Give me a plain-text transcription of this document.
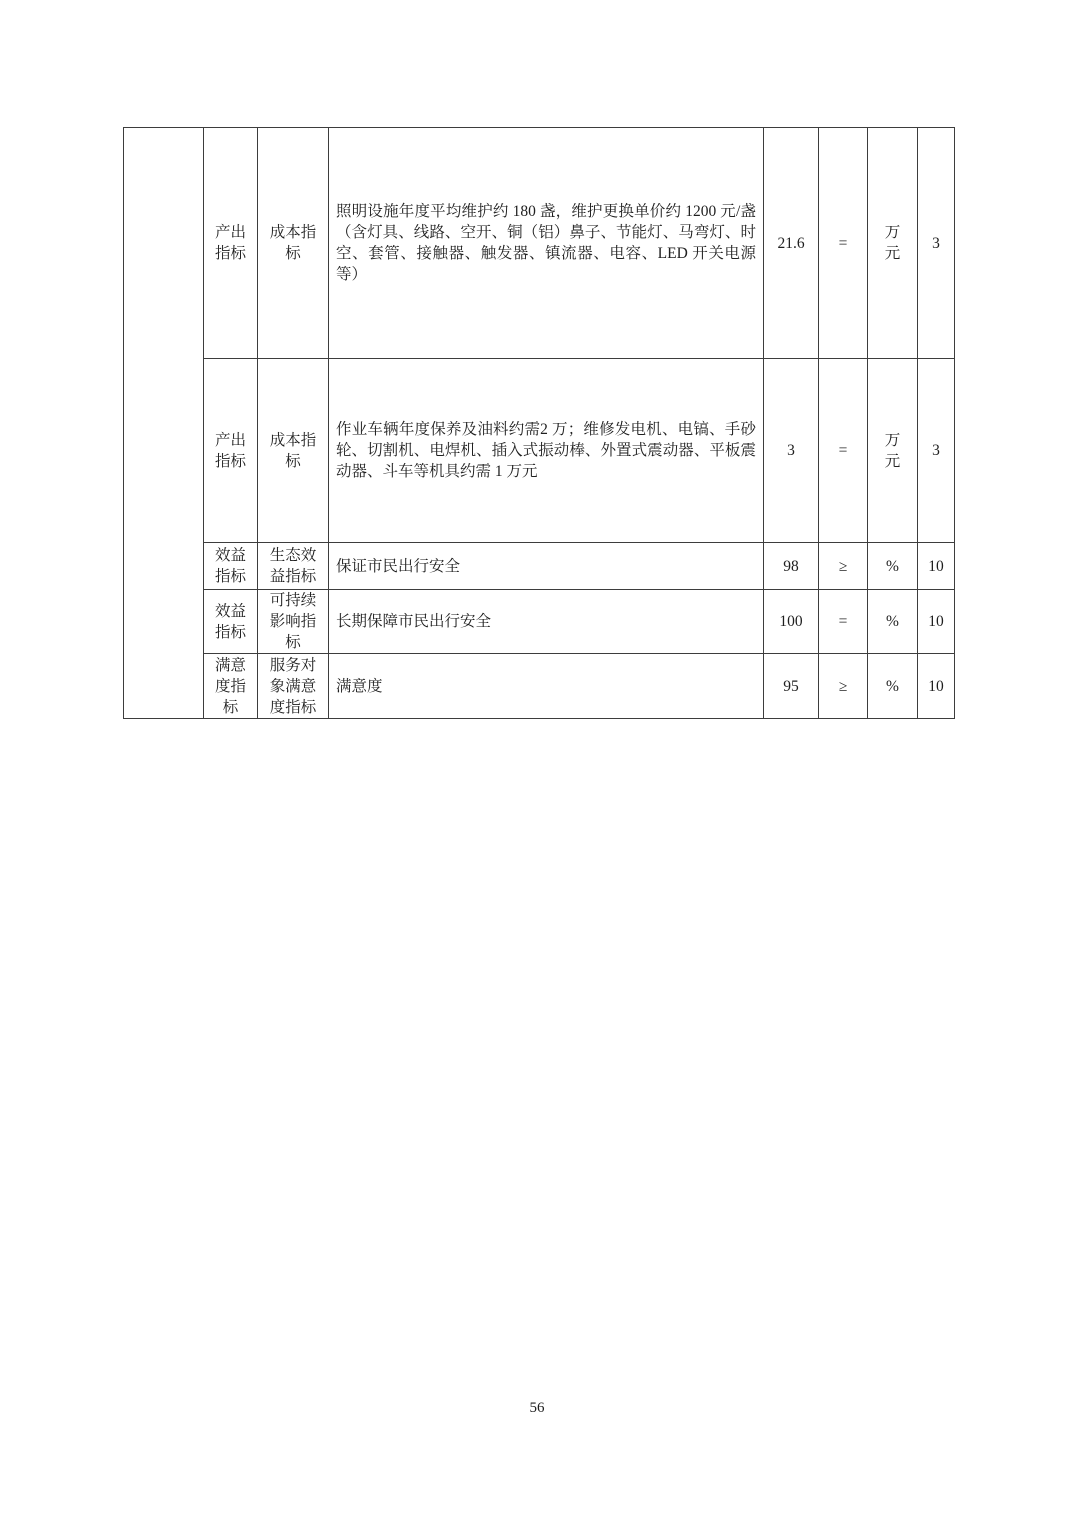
	产出指标	成本指标	照明设施年度平均维护约 180 盏，维护更换单价约 1200 元/盏（含灯具、线路、空开、铜（铝）鼻子、节能灯、马弯灯、时空、套管、接触器、触发器、镇流器、电容、LED 开关电源等）	21.6	=	万元	3
	产出指标	成本指标	作业车辆年度保养及油料约需2 万；维修发电机、电镐、手砂轮、切割机、电焊机、插入式振动棒、外置式震动器、平板震动器、斗车等机具约需 1 万元	3	=	万元	3
	效益指标	生态效益指标	保证市民出行安全	98	≥	%	10
	效益指标	可持续影响指标	长期保障市民出行安全	100	=	%	10
	满意度指标	服务对象满意度指标	满意度	95	≥	%	10
56
